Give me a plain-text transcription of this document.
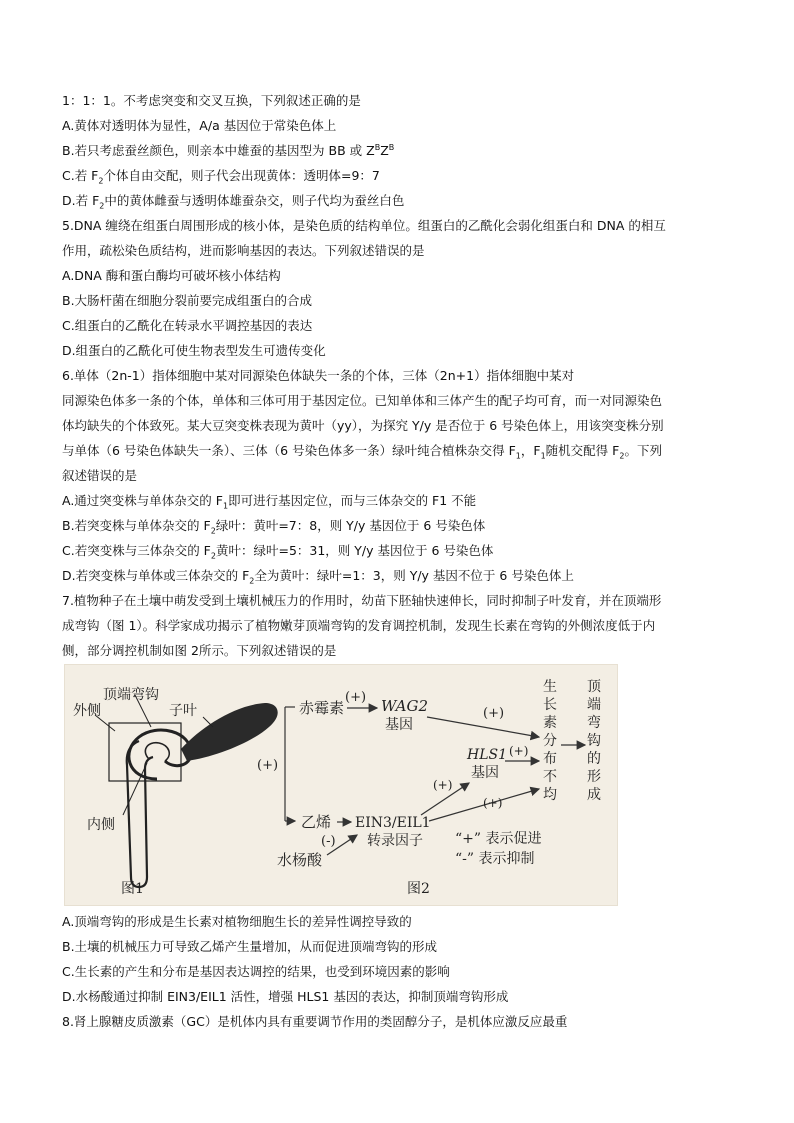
1：1：1。不考虑突变和交叉互换，下列叙述正确的是
A.黄体对透明体为显性，A/a 基因位于常染色体上
B.若只考虑蚕丝颜色，则亲本中雄蚕的基因型为 BB 或 $Z^BZ^B$
C.若 $F_2$个体自由交配，则子代会出现黄体：透明体=9：7
D.若 $F_2$中的黄体雌蚕与透明体雄蚕杂交，则子代均为蚕丝白色
5.DNA 缠绕在组蛋白周围形成的核小体，是染色质的结构单位。组蛋白的乙酰化会弱化组蛋白和 DNA 的相互
作用，疏松染色质结构，进而影响基因的表达。下列叙述错误的是
A.DNA 酶和蛋白酶均可破坏核小体结构
B.大肠杆菌在细胞分裂前要完成组蛋白的合成
C.组蛋白的乙酰化在转录水平调控基因的表达
D.组蛋白的乙酰化可使生物表型发生可遗传变化
6.单体（2n-1）指体细胞中某对同源染色体缺失一条的个体，三体（2n+1）指体细胞中某对
同源染色体多一条的个体，单体和三体可用于基因定位。已知单体和三体产生的配子均可育，而一对同源染色
体均缺失的个体致死。某大豆突变株表现为黄叶（yy），为探究 Y/y 是否位于 6 号染色体上，用该突变株分别
与单体（6 号染色体缺失一条）、三体（6 号染色体多一条）绿叶纯合植株杂交得 $F_1$，$F_1$随机交配得 $F_2$。下列
叙述错误的是
A.通过突变株与单体杂交的 $F_1$即可进行基因定位，而与三体杂交的 F1 不能
B.若突变株与单体杂交的 $F_2$绿叶：黄叶=7：8，则 Y/y 基因位于 6 号染色体
C.若突变株与三体杂交的 $F_2$黄叶：绿叶=5：31，则 Y/y 基因位于 6 号染色体
D.若突变株与单体或三体杂交的 $F_2$全为黄叶：绿叶=1：3，则 Y/y 基因不位于 6 号染色体上
7.植物种子在土壤中萌发受到土壤机械压力的作用时，幼苗下胚轴快速伸长，同时抑制子叶发育，并在顶端形
成弯钩（图 1）。科学家成功揭示了植物嫩芽顶端弯钩的发育调控机制，发现生长素在弯钩的外侧浓度低于内
侧，部分调控机制如图 2所示。下列叙述错误的是
顶端弯钩
外侧	子叶
内侧
图1
(+)
赤霉素
(+) WAG2
基因
(+)
HLS1
基因
(+)
生
长
素
分
布
不
均
顶
端
弯
钩
的
形
成
乙烯 EIN3/EIL1
转录因子
(+)
(+)
水杨酸
(-)	“+” 表示促进
“-” 表示抑制
图2
A.顶端弯钩的形成是生长素对植物细胞生长的差异性调控导致的
B.土壤的机械压力可导致乙烯产生量增加，从而促进顶端弯钩的形成
C.生长素的产生和分布是基因表达调控的结果，也受到环境因素的影响
D.水杨酸通过抑制 EIN3/EIL1 活性，增强 HLS1 基因的表达，抑制顶端弯钩形成
8.肾上腺糖皮质激素（GC）是机体内具有重要调节作用的类固醇分子，是机体应激反应最重
